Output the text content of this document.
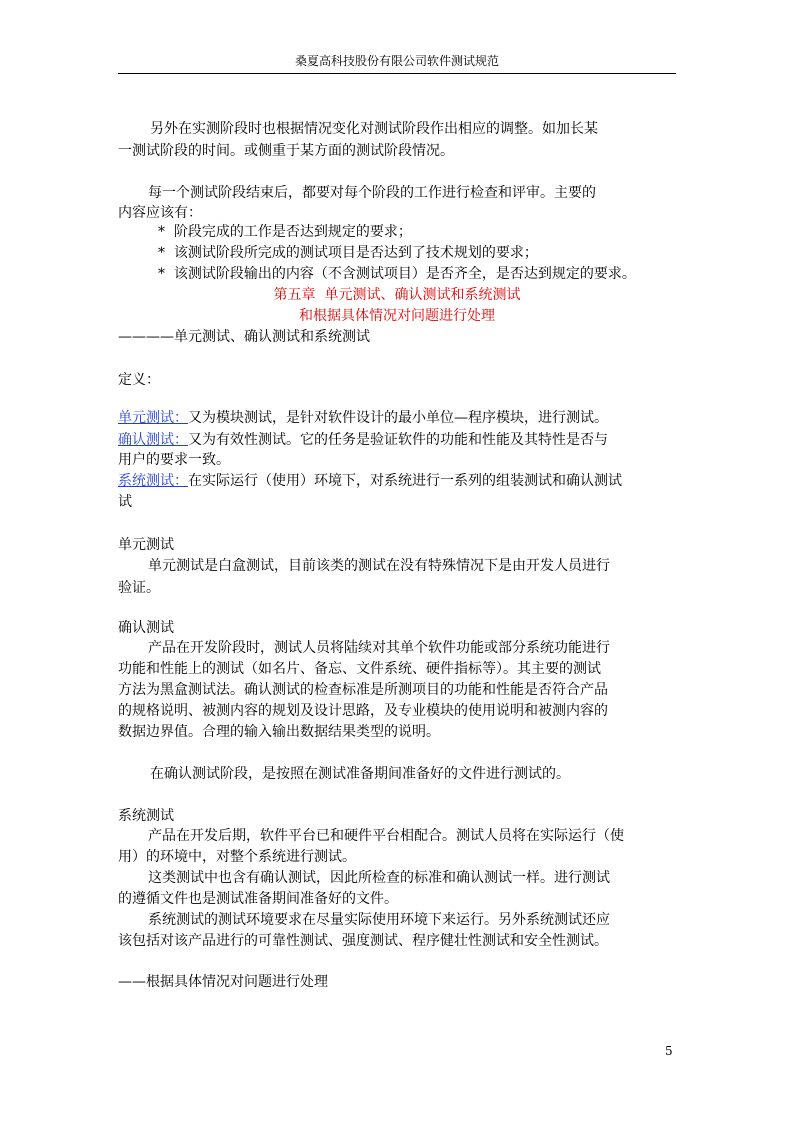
桑夏高科技股份有限公司软件测试规范
另外在实测阶段时也根据情况变化对测试阶段作出相应的调整。如加长某
一测试阶段的时间。或侧重于某方面的测试阶段情况。
每一个测试阶段结束后，都要对每个阶段的工作进行检查和评审。主要的
内容应该有：
* 阶段完成的工作是否达到规定的要求；
* 该测试阶段所完成的测试项目是否达到了技术规划的要求；
* 该测试阶段输出的内容（不含测试项目）是否齐全，是否达到规定的要求。
第五章  单元测试、确认测试和系统测试
和根据具体情况对问题进行处理
————单元测试、确认测试和系统测试
定义：
单元测试：又为模块测试，是针对软件设计的最小单位—程序模块，进行测试。
确认测试：又为有效性测试。它的任务是验证软件的功能和性能及其特性是否与
用户的要求一致。
系统测试：在实际运行（使用）环境下，对系统进行一系列的组装测试和确认测试
试
单元测试
单元测试是白盒测试，目前该类的测试在没有特殊情况下是由开发人员进行
验证。
确认测试
产品在开发阶段时，测试人员将陆续对其单个软件功能或部分系统功能进行
功能和性能上的测试（如名片、备忘、文件系统、硬件指标等）。其主要的测试
方法为黑盒测试法。确认测试的检查标准是所测项目的功能和性能是否符合产品
的规格说明、被测内容的规划及设计思路，及专业模块的使用说明和被测内容的
数据边界值。合理的输入输出数据结果类型的说明。
在确认测试阶段，是按照在测试准备期间准备好的文件进行测试的。
系统测试
产品在开发后期，软件平台已和硬件平台相配合。测试人员将在实际运行（使
用）的环境中，对整个系统进行测试。
这类测试中也含有确认测试，因此所检查的标准和确认测试一样。进行测试
的遵循文件也是测试准备期间准备好的文件。
系统测试的测试环境要求在尽量实际使用环境下来运行。另外系统测试还应
该包括对该产品进行的可靠性测试、强度测试、程序健壮性测试和安全性测试。
——根据具体情况对问题进行处理
5
